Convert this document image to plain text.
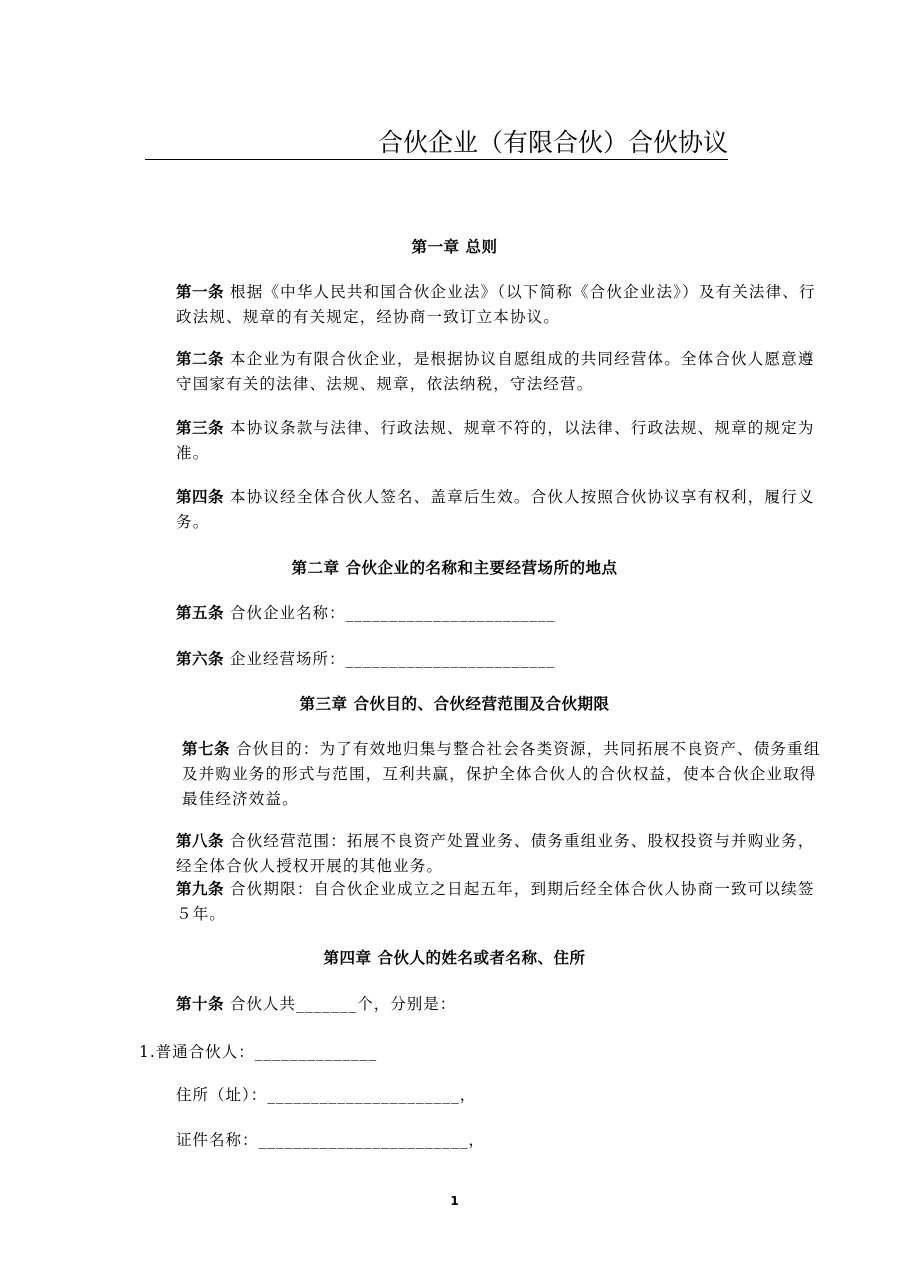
合伙企业（有限合伙）合伙协议
第一章 总则
第一条 根据《中华人民共和国合伙企业法》（以下简称《合伙企业法》）及有关法律、行政法规、规章的有关规定，经协商一致订立本协议。
第二条 本企业为有限合伙企业，是根据协议自愿组成的共同经营体。全体合伙人愿意遵守国家有关的法律、法规、规章，依法纳税，守法经营。
第三条 本协议条款与法律、行政法规、规章不符的，以法律、行政法规、规章的规定为准。
第四条 本协议经全体合伙人签名、盖章后生效。合伙人按照合伙协议享有权利，履行义务。
第二章 合伙企业的名称和主要经营场所的地点
第五条 合伙企业名称：________________________
第六条 企业经营场所：________________________
第三章 合伙目的、合伙经营范围及合伙期限
第七条 合伙目的：为了有效地归集与整合社会各类资源，共同拓展不良资产、债务重组及并购业务的形式与范围，互利共赢，保护全体合伙人的合伙权益，使本合伙企业取得最佳经济效益。
第八条 合伙经营范围：拓展不良资产处置业务、债务重组业务、股权投资与并购业务，经全体合伙人授权开展的其他业务。
第九条 合伙期限：自合伙企业成立之日起五年，到期后经全体合伙人协商一致可以续签５年。
第四章 合伙人的姓名或者名称、住所
第十条 合伙人共_______个，分别是：
1.普通合伙人：______________
住所（址）：______________________，
证件名称：________________________，
1
